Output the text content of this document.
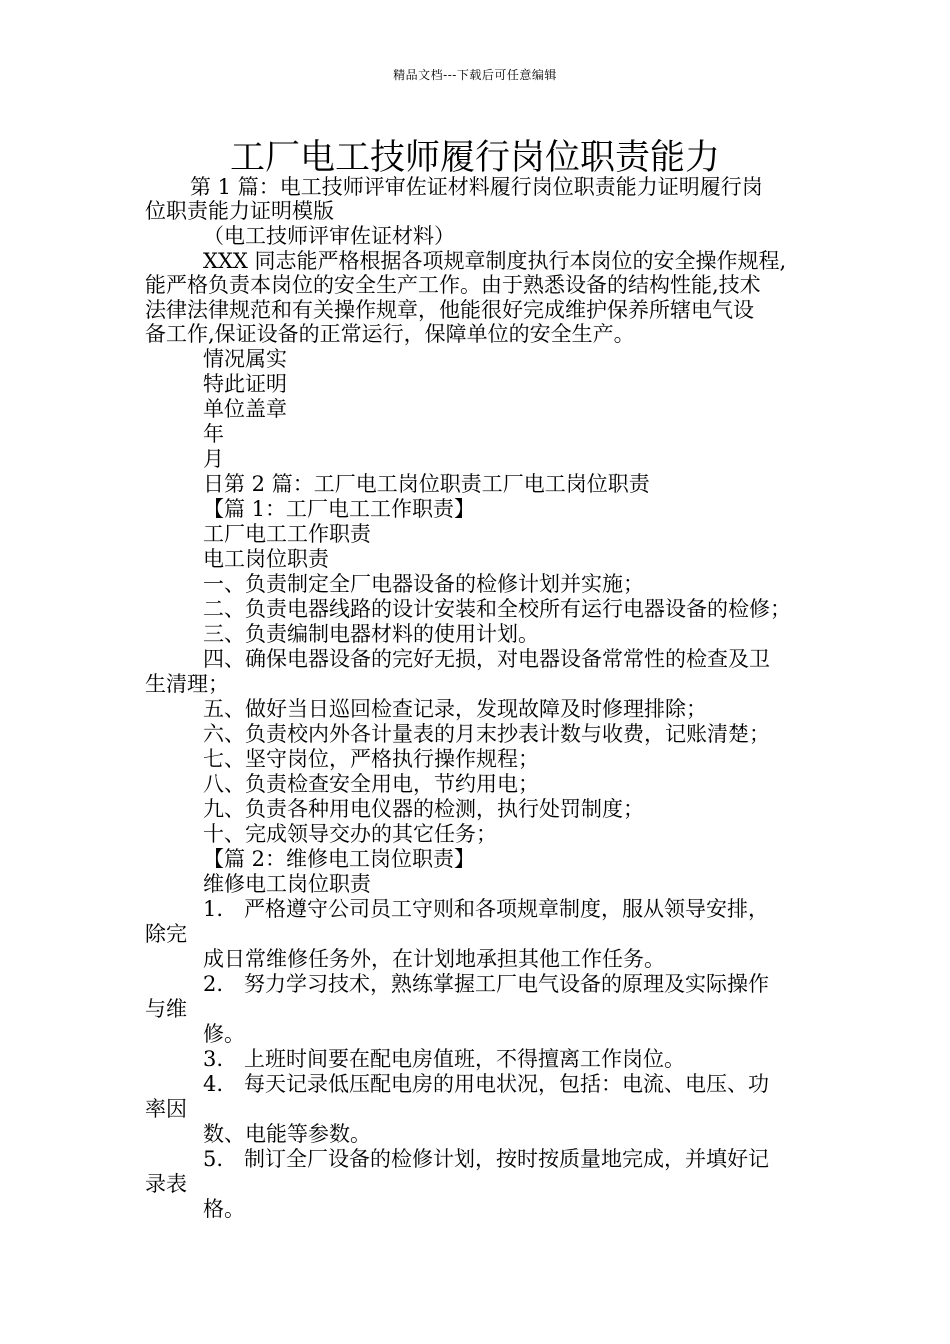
精品文档---下载后可任意编辑
工厂电工技师履行岗位职责能力

第 1 篇：电工技师评审佐证材料履行岗位职责能力证明履行岗

位职责能力证明模版

（电工技师评审佐证材料）

XXX 同志能严格根据各项规章制度执行本岗位的安全操作规程,

能严格负责本岗位的安全生产工作。由于熟悉设备的结构性能,技术

法律法律规范和有关操作规章，他能很好完成维护保养所辖电气设

备工作,保证设备的正常运行，保障单位的安全生产。

情况属实

特此证明

单位盖章

年

月

日第 2 篇：工厂电工岗位职责工厂电工岗位职责

【篇 1：工厂电工工作职责】

工厂电工工作职责

电工岗位职责

一、负责制定全厂电器设备的检修计划并实施；

二、负责电器线路的设计安装和全校所有运行电器设备的检修；

三、负责编制电器材料的使用计划。

四、确保电器设备的完好无损，对电器设备常常性的检查及卫

生清理；

五、做好当日巡回检查记录，发现故障及时修理排除；

六、负责校内外各计量表的月末抄表计数与收费，记账清楚；

七、坚守岗位，严格执行操作规程；

八、负责检查安全用电，节约用电；

九、负责各种用电仪器的检测，执行处罚制度；

十、完成领导交办的其它任务；

【篇 2：维修电工岗位职责】

维修电工岗位职责

1.　严格遵守公司员工守则和各项规章制度，服从领导安排，

除完

成日常维修任务外，在计划地承担其他工作任务。

2.　努力学习技术，熟练掌握工厂电气设备的原理及实际操作

与维

修。

3.　上班时间要在配电房值班，不得擅离工作岗位。

4.　每天记录低压配电房的用电状况，包括：电流、电压、功

率因

数、电能等参数。

5.　制订全厂设备的检修计划，按时按质量地完成，并填好记

录表

格。
